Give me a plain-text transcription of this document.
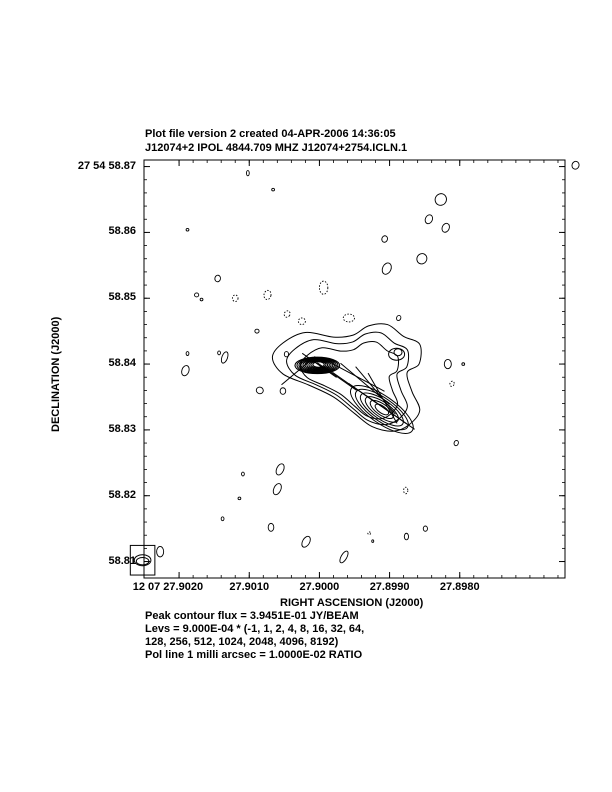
Plot file version 2 created 04-APR-2006 14:36:05
J12074+2 IPOL 4844.709 MHZ J12074+2754.ICLN.1
27 54 58.87
58.86
58.85
58.84
58.83
58.82
58.81
12 07 27.9020 27.9010	27.9000	27.8990	27.8980
RIGHT ASCENSION (J2000)
DECLINATION (J2000)
Peak contour flux = 3.9451E-01 JY/BEAM
Levs = 9.000E-04 * (-1, 1, 2, 4, 8, 16, 32, 64,
128, 256, 512, 1024, 2048, 4096, 8192)
Pol line 1 milli arcsec = 1.0000E-02 RATIO
